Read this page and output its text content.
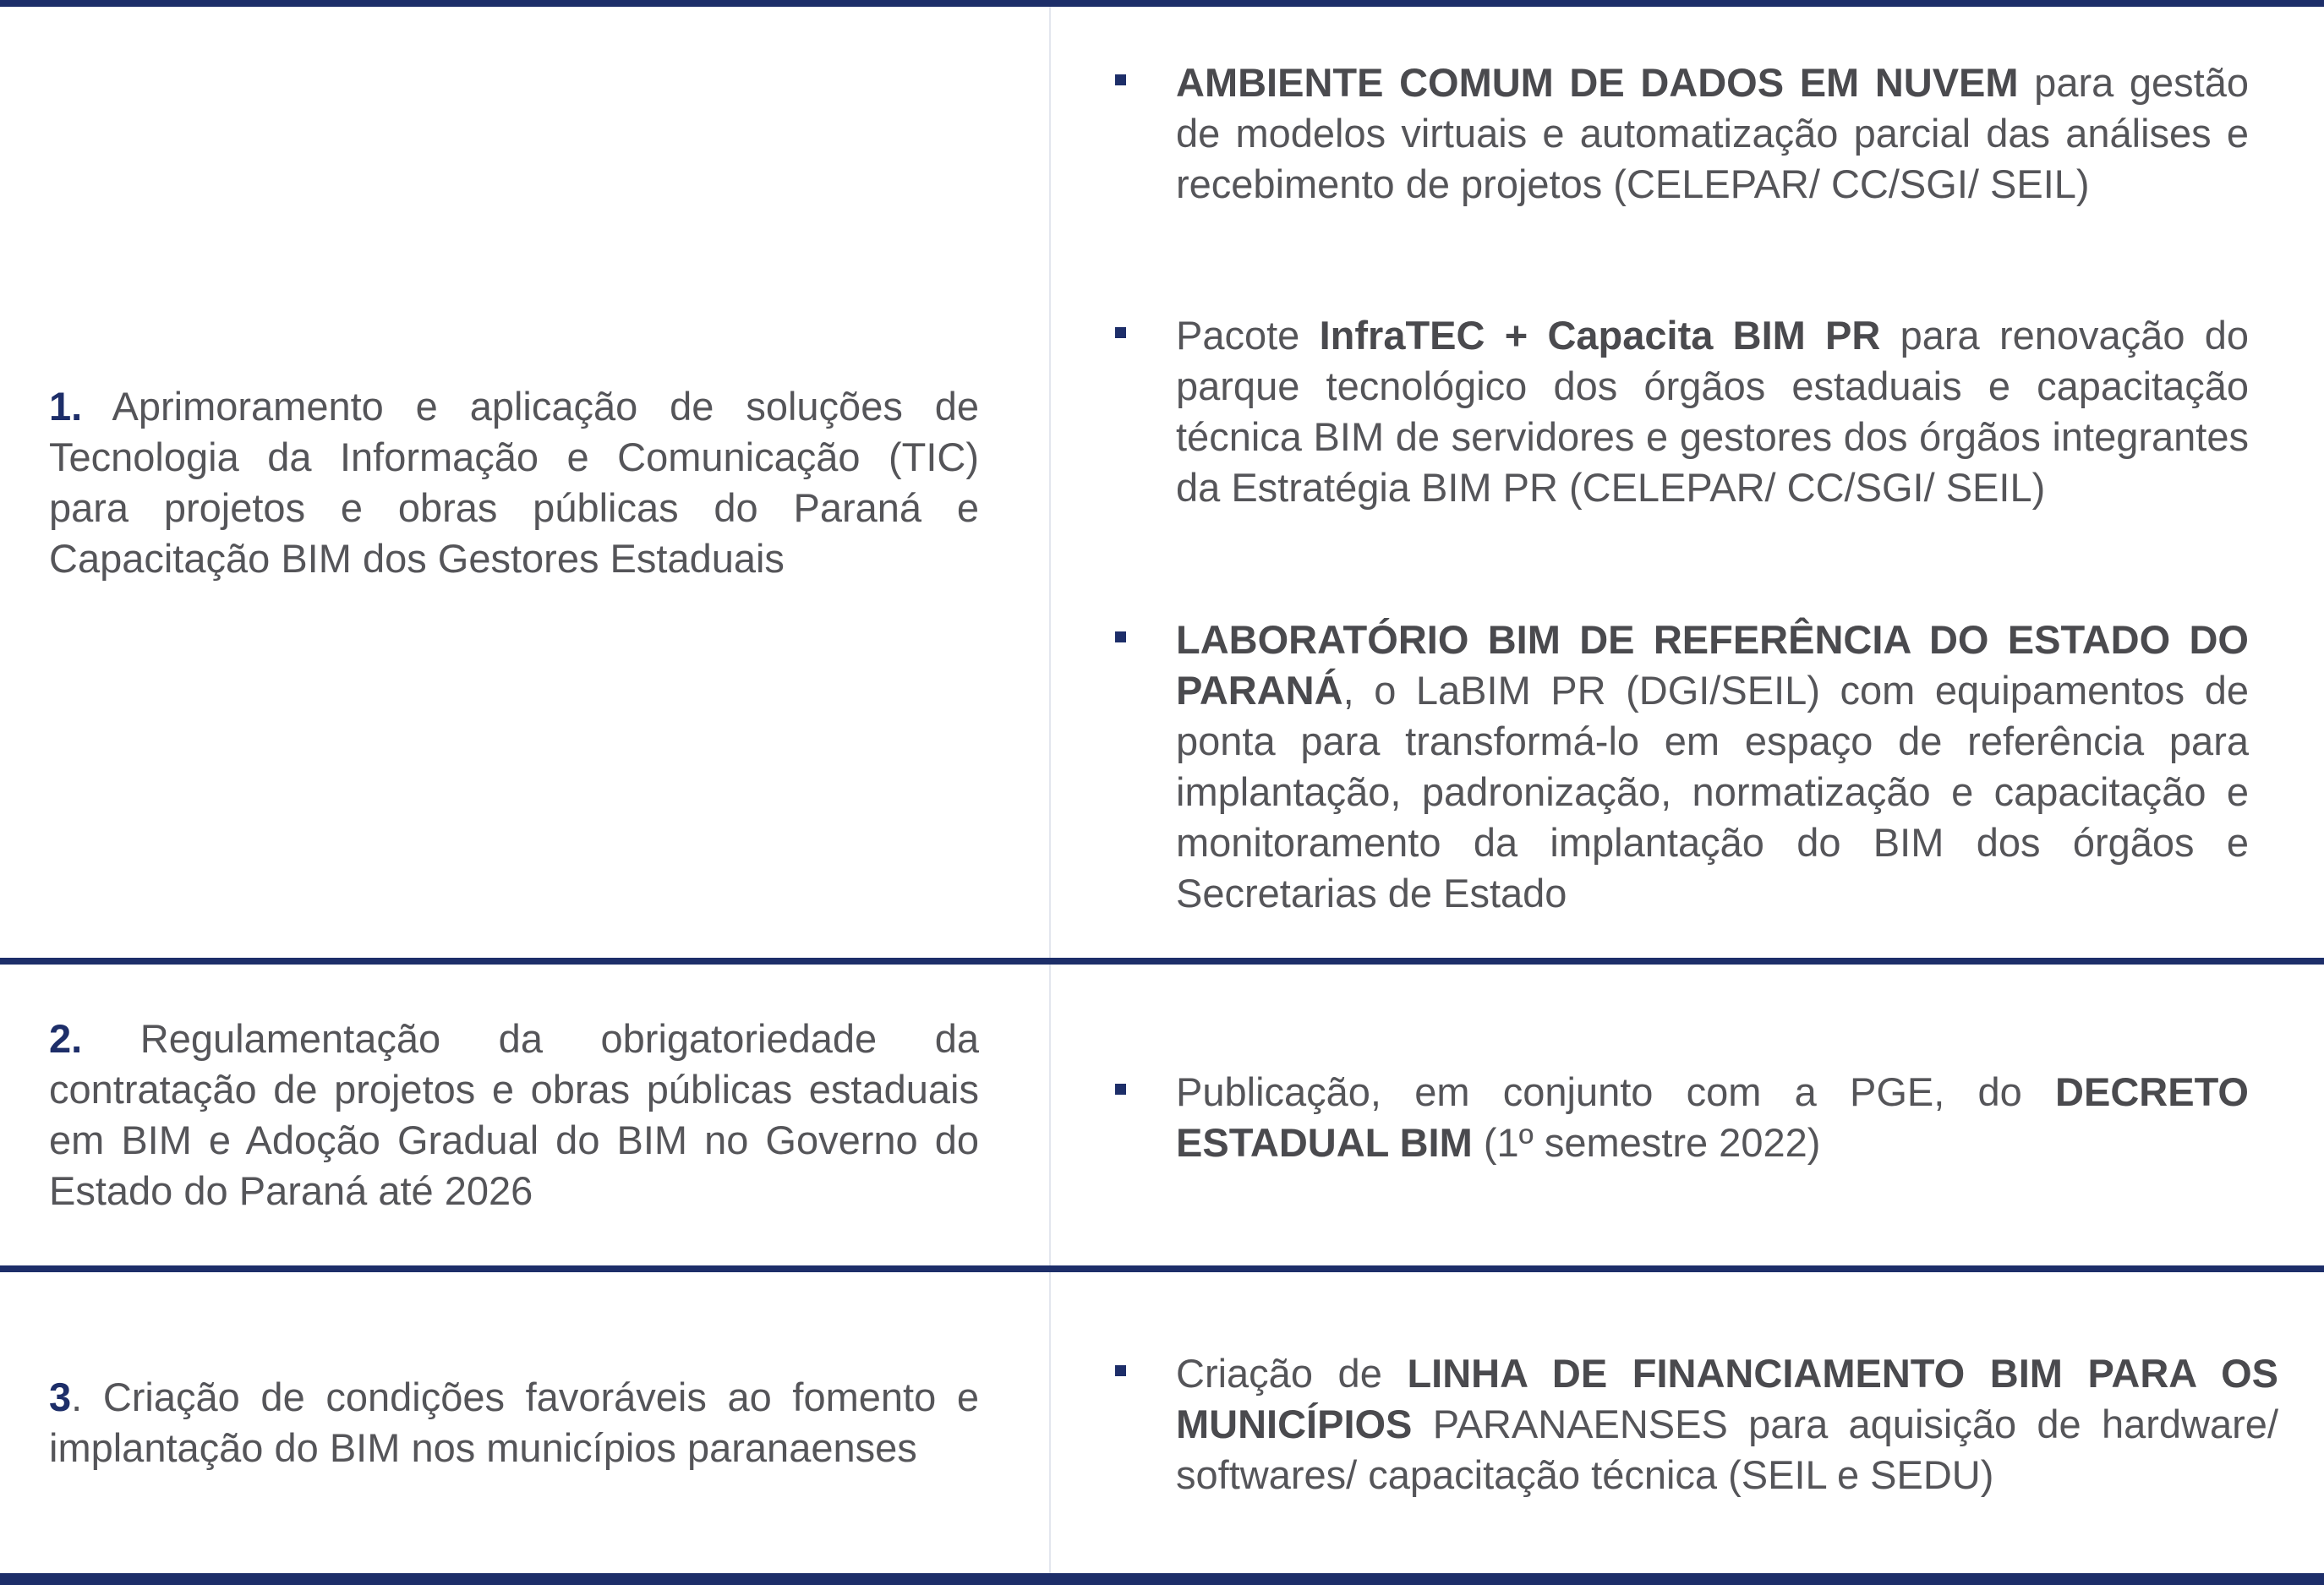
1. Aprimoramento e aplicação de soluções de Tecnologia da Informação e Comunicação (TIC) para projetos e obras públicas do Paraná e Capacitação BIM dos Gestores Estaduais

AMBIENTE COMUM DE DADOS EM NUVEM para gestão de modelos virtuais e automatização parcial das análises e recebimento de projetos (CELEPAR/ CC/SGI/ SEIL)
Pacote InfraTEC + Capacita BIM PR para renovação do parque tecnológico dos órgãos estaduais e capacitação técnica BIM de servidores e gestores dos órgãos integrantes da Estratégia BIM PR (CELEPAR/ CC/SGI/ SEIL)
LABORATÓRIO BIM DE REFERÊNCIA DO ESTADO DO PARANÁ, o LaBIM PR (DGI/SEIL) com equipamentos de ponta para transformá-lo em espaço de referência para implantação, padronização, normatização e capacitação e monitoramento da implantação do BIM dos órgãos e Secretarias de Estado

2. Regulamentação da obrigatoriedade da contratação de projetos e obras públicas estaduais em BIM e Adoção Gradual do BIM no Governo do Estado do Paraná até 2026

Publicação, em conjunto com a PGE, do DECRETO ESTADUAL BIM (1º semestre 2022)

3. Criação de condições favoráveis ao fomento e implantação do BIM nos municípios paranaenses

Criação de LINHA DE FINANCIAMENTO BIM PARA OS MUNICÍPIOS PARANAENSES para aquisição de hardware/ softwares/ capacitação técnica (SEIL e SEDU)
